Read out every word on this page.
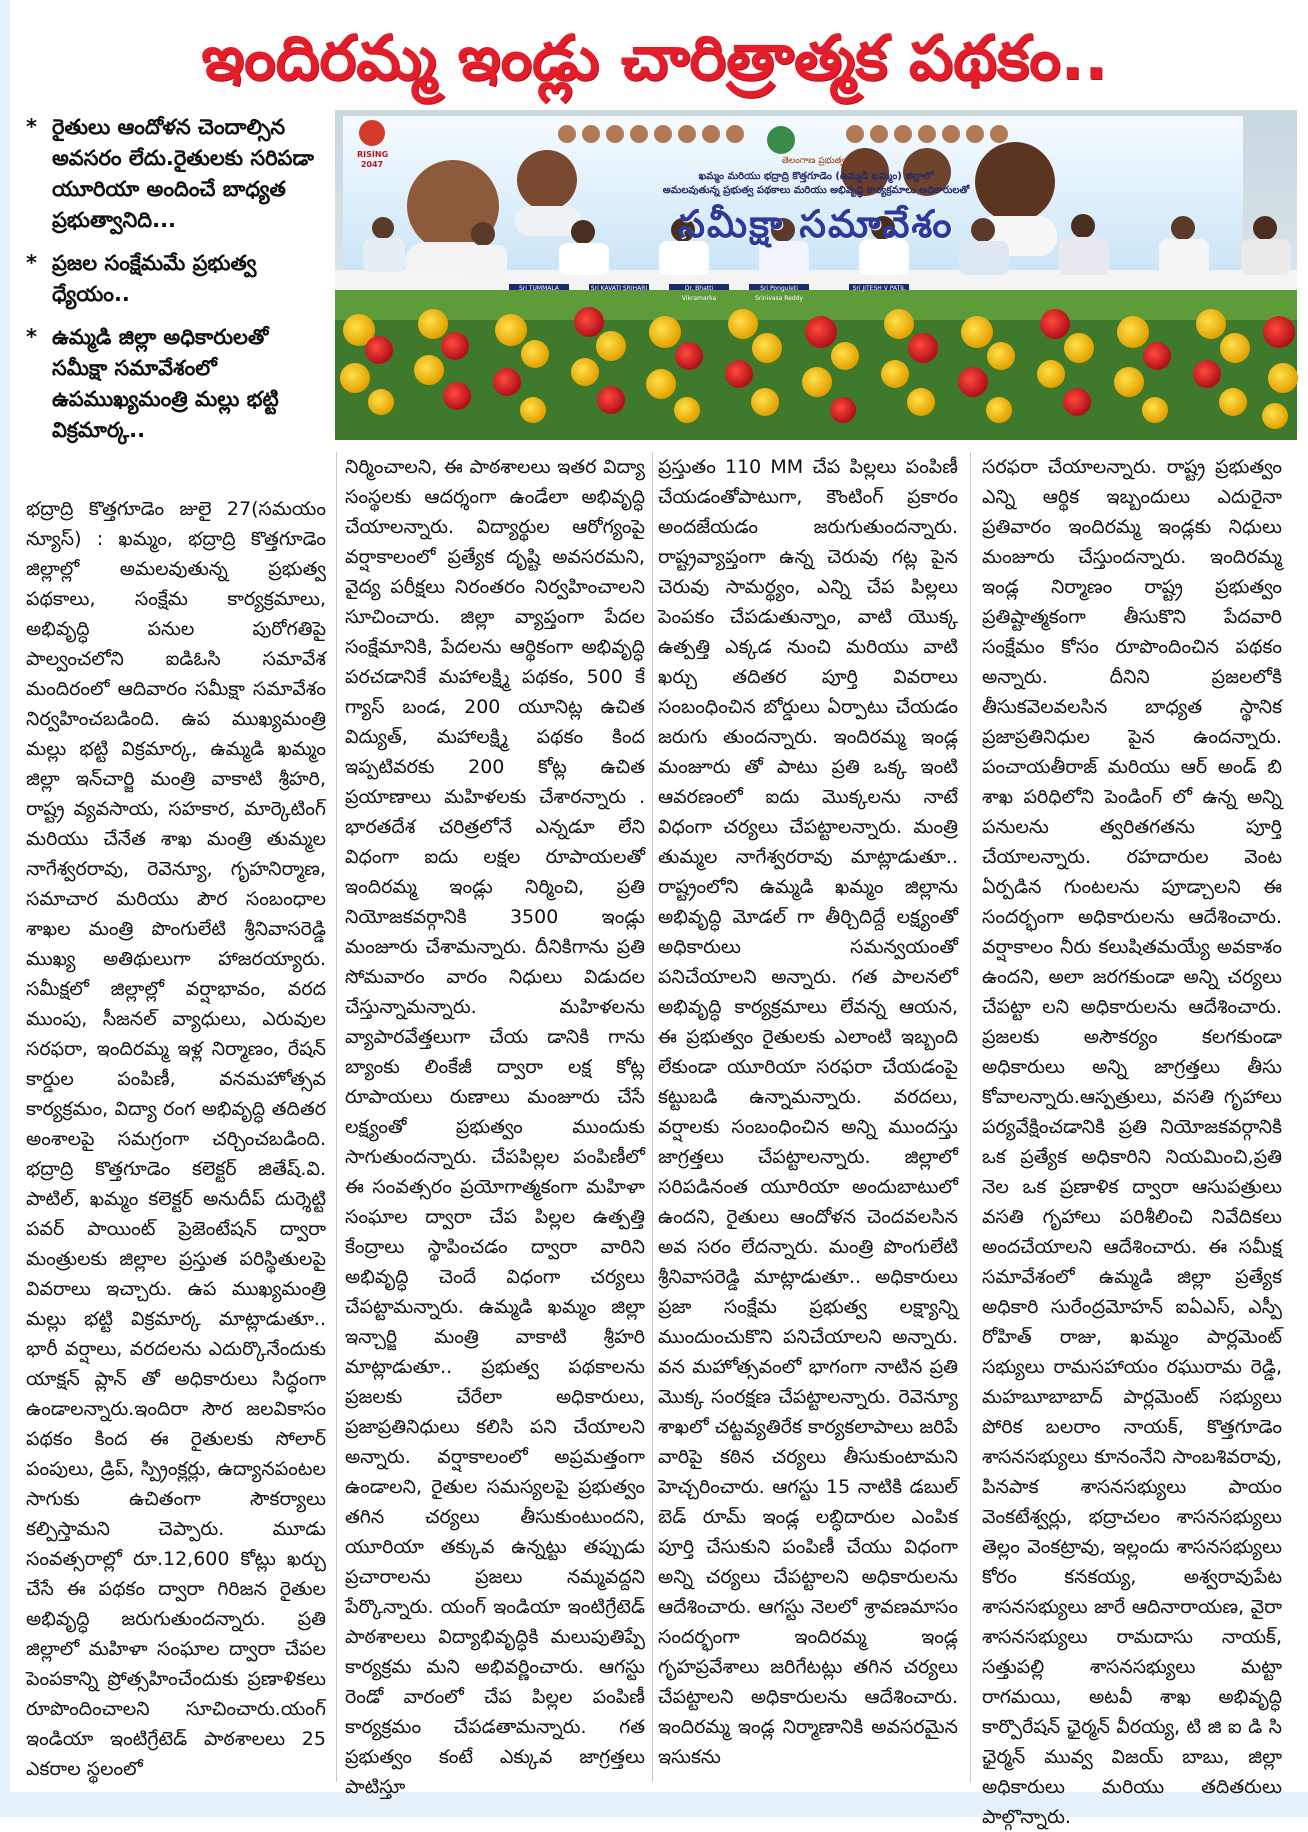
ఇందిరమ్మ ఇండ్లు చారిత్రాత్మక పథకం..
* రైతులు ఆందోళన చెందాల్సిన అవసరం లేదు.రైతులకు సరిపడా యూరియా అందించే బాధ్యత ప్రభుత్వానిది...
* ప్రజల సంక్షేమమే ప్రభుత్వ ధ్యేయం..
* ఉమ్మడి జిల్లా అధికారులతో సమీక్షా సమావేశంలో ఉపముఖ్యమంత్రి మల్లు భట్టి విక్రమార్క..
RISING 2047	తెలంగాణ ప్రభుత్వం
ఖమ్మం మరియు భద్రాద్రి కొత్తగూడెం (ఉమ్మడి ఖమ్మం) జిల్లాలో
అమలవుతున్న ప్రభుత్వ పథకాలు మరియు అభివృద్ధి కార్యక్రమాలు అధికారులతో
సమీక్షా సమావేశం
Sri TUMMALA	Sri KAVATI SRIHARI	Dr. Bhatti Vikramarka
Sri Ponguleti Srinivasa Reddy
Sri JITESH V PATIL

భద్రాద్రి కొత్తగూడెం జులై 27(సమయం న్యూస్) : ఖమ్మం, భద్రాద్రి కొత్తగూడెం జిల్లాల్లో అమలవుతున్న ప్రభుత్వ పథకాలు, సంక్షేమ కార్యక్రమాలు, అభివృద్ధి పనుల పురోగతిపై పాల్వంచలోని ఐడిఓసి సమావేశ మందిరంలో ఆదివారం సమీక్షా సమావేశం నిర్వహించబడింది. ఉప ముఖ్యమంత్రి మల్లు భట్టి విక్రమార్క, ఉమ్మడి ఖమ్మం జిల్లా ఇన్‌చార్జి మంత్రి వాకాటి శ్రీహరి, రాష్ట్ర వ్యవసాయ, సహకార, మార్కెటింగ్ మరియు చేనేత శాఖ మంత్రి తుమ్మల నాగేశ్వరరావు, రెవెన్యూ, గృహనిర్మాణ, సమాచార మరియు పౌర సంబంధాల శాఖల మంత్రి పొంగులేటి శ్రీనివాసరెడ్డి ముఖ్య అతిథులుగా హాజరయ్యారు. సమీక్షలో జిల్లాల్లో వర్షాభావం, వరద ముంపు, సీజనల్ వ్యాధులు, ఎరువుల సరఫరా, ఇందిరమ్మ ఇళ్ల నిర్మాణం, రేషన్ కార్డుల పంపిణీ, వనమహోత్సవ కార్యక్రమం, విద్యా రంగ అభివృద్ధి తదితర అంశాలపై సమగ్రంగా చర్చించబడింది. భద్రాద్రి కొత్తగూడెం కలెక్టర్ జితేష్.వి. పాటిల్, ఖమ్మం కలెక్టర్ అనుదీప్ దుర్శెట్టి పవర్ పాయింట్ ప్రెజెంటేషన్ ద్వారా మంత్రులకు జిల్లాల ప్రస్తుత పరిస్థితులపై వివరాలు ఇచ్చారు. ఉప ముఖ్యమంత్రి మల్లు భట్టి విక్రమార్క మాట్లాడుతూ.. భారీ వర్షాలు, వరదలను ఎదుర్కొనేందుకు యాక్షన్ ప్లాన్ తో అధికారులు సిద్ధంగా ఉండాలన్నారు.ఇందిరా సౌర జలవికాసం పథకం కింద ఈ రైతులకు సోలార్ పంపులు, డ్రిప్, స్ప్రింక్లర్లు, ఉద్యానపంటల సాగుకు ఉచితంగా సౌకర్యాలు కల్పిస్తామని చెప్పారు. మూడు సంవత్సరాల్లో రూ.12,600 కోట్లు ఖర్చు చేసే ఈ పథకం ద్వారా గిరిజన రైతుల అభివృద్ధి జరుగుతుందన్నారు. ప్రతి జిల్లాలో మహిళా సంఘాల ద్వారా చేపల పెంపకాన్ని ప్రోత్సహించేందుకు ప్రణాళికలు రూపొందించాలని సూచించారు.యంగ్ ఇండియా ఇంటిగ్రేటెడ్ పాఠశాలలు 25 ఎకరాల స్థలంలో

నిర్మించాలని, ఈ పాఠశాలలు ఇతర విద్యా సంస్థలకు ఆదర్శంగా ఉండేలా అభివృద్ధి చేయాలన్నారు. విద్యార్థుల ఆరోగ్యంపై వర్షాకాలంలో ప్రత్యేక దృష్టి అవసరమని, వైద్య పరీక్షలు నిరంతరం నిర్వహించాలని సూచించారు. జిల్లా వ్యాప్తంగా పేదల సంక్షేమానికి, పేదలను ఆర్థికంగా అభివృద్ధి పరచడానికే మహాలక్ష్మి పథకం, 500 కే గ్యాస్ బండ, 200 యూనిట్ల ఉచిత విద్యుత్, మహాలక్ష్మి పథకం కింద ఇప్పటివరకు 200 కోట్ల ఉచిత ప్రయాణాలు మహిళలకు చేశారన్నారు . భారతదేశ చరిత్రలోనే ఎన్నడూ లేని విధంగా ఐదు లక్షల రూపాయలతో ఇందిరమ్మ ఇండ్లు నిర్మించి, ప్రతి నియోజకవర్గానికి 3500 ఇండ్లు మంజూరు చేశామన్నారు. దీనికిగాను ప్రతి సోమవారం వారం నిధులు విడుదల చేస్తున్నామన్నారు. మహిళలను వ్యాపారవేత్తలుగా చేయ డానికి గాను బ్యాంకు లింకేజీ ద్వారా లక్ష కోట్ల రూపాయలు రుణాలు మంజూరు చేసే లక్ష్యంతో ప్రభుత్వం ముందుకు సాగుతుందన్నారు. చేపపిల్లల పంపిణీలో ఈ సంవత్సరం ప్రయోగాత్మకంగా మహిళా సంఘాల ద్వారా చేప పిల్లల ఉత్పత్తి కేంద్రాలు స్థాపించడం ద్వారా వారిని అభివృద్ధి చెందే విధంగా చర్యలు చేపట్టామన్నారు. ఉమ్మడి ఖమ్మం జిల్లా ఇన్చార్జి మంత్రి వాకాటి శ్రీహరి మాట్లాడుతూ.. ప్రభుత్వ పథకాలను ప్రజలకు చేరేలా అధికారులు, ప్రజాప్రతినిధులు కలిసి పని చేయాలని అన్నారు. వర్షాకాలంలో అప్రమత్తంగా ఉండాలని, రైతుల సమస్యలపై ప్రభుత్వం తగిన చర్యలు తీసుకుంటుందని, యూరియా తక్కువ ఉన్నట్టు తప్పుడు ప్రచారాలను ప్రజలు నమ్మవద్దని పేర్కొన్నారు. యంగ్ ఇండియా ఇంటిగ్రేటెడ్ పాఠశాలలు విద్యాభివృద్ధికి మలుపుతిప్పే కార్యక్రమ మని అభివర్ణించారు. ఆగస్టు రెండో వారంలో చేప పిల్లల పంపిణీ కార్యక్రమం చేపడతామన్నారు. గత ప్రభుత్వం కంటే ఎక్కువ జాగ్రత్తలు పాటిస్తూ

ప్రస్తుతం 110 MM చేప పిల్లలు పంపిణీ చేయడంతోపాటుగా, కౌంటింగ్ ప్రకారం అందజేయడం జరుగుతుందన్నారు. రాష్ట్రవ్యాప్తంగా ఉన్న చెరువు గట్ల పైన చెరువు సామర్థ్యం, ఎన్ని చేప పిల్లలు పెంపకం చేపడుతున్నాం, వాటి యొక్క ఉత్పత్తి ఎక్కడ నుంచి మరియు వాటి ఖర్చు తదితర పూర్తి వివరాలు సంబంధించిన బోర్డులు ఏర్పాటు చేయడం జరుగు తుందన్నారు. ఇందిరమ్మ ఇండ్ల మంజూరు తో పాటు ప్రతి ఒక్క ఇంటి ఆవరణంలో ఐదు మొక్కలను నాటే విధంగా చర్యలు చేపట్టాలన్నారు. మంత్రి తుమ్మల నాగేశ్వరరావు మాట్లాడుతూ.. రాష్ట్రంలోని ఉమ్మడి ఖమ్మం జిల్లాను అభివృద్ధి మోడల్ గా తీర్చిదిద్దే లక్ష్యంతో అధికారులు సమన్వయంతో పనిచేయాలని అన్నారు. గత పాలనలో అభివృద్ధి కార్యక్రమాలు లేవన్న ఆయన, ఈ ప్రభుత్వం రైతులకు ఎలాంటి ఇబ్బంది లేకుండా యూరియా సరఫరా చేయడంపై కట్టుబడి ఉన్నామన్నారు. వరదలు, వర్షాలకు సంబంధించిన అన్ని ముందస్తు జాగ్రత్తలు చేపట్టాలన్నారు. జిల్లాలో సరిపడినంత యూరియా అందుబాటులో ఉందని, రైతులు ఆందోళన చెందవలసిన అవ సరం లేదన్నారు. మంత్రి పొంగులేటి శ్రీనివాసరెడ్డి మాట్లాడుతూ.. అధికారులు ప్రజా సంక్షేమ ప్రభుత్వ లక్ష్యాన్ని ముందుంచుకొని పనిచేయాలని అన్నారు. వన మహోత్సవంలో భాగంగా నాటిన ప్రతి మొక్క సంరక్షణ చేపట్టాలన్నారు. రెవెన్యూ శాఖలో చట్టవ్యతిరేక కార్యకలాపాలు జరిపే వారిపై కఠిన చర్యలు తీసుకుంటామని హెచ్చరించారు. ఆగస్టు 15 నాటికి డబుల్ బెడ్ రూమ్ ఇండ్ల లబ్ధిదారుల ఎంపిక పూర్తి చేసుకుని పంపిణీ చేయు విధంగా అన్ని చర్యలు చేపట్టాలని అధికారులను ఆదేశించారు. ఆగస్టు నెలలో శ్రావణమాసం సందర్భంగా ఇందిరమ్మ ఇండ్ల గృహప్రవేశాలు జరిగేటట్లు తగిన చర్యలు చేపట్టాలని అధికారులను ఆదేశించారు. ఇందిరమ్మ ఇండ్ల నిర్మాణానికి అవసరమైన ఇసుకను

సరఫరా చేయాలన్నారు. రాష్ట్ర ప్రభుత్వం ఎన్ని ఆర్థిక ఇబ్బందులు ఎదురైనా ప్రతివారం ఇందిరమ్మ ఇండ్లకు నిధులు మంజూరు చేస్తుందన్నారు. ఇందిరమ్మ ఇండ్ల నిర్మాణం రాష్ట్ర ప్రభుత్వం ప్రతిష్టాత్మకంగా తీసుకొని పేదవారి సంక్షేమం కోసం రూపొందించిన పథకం అన్నారు. దీనిని ప్రజలలోకి తీసుకవెలవలసిన బాధ్యత స్థానిక ప్రజాప్రతినిధుల పైన ఉందన్నారు. పంచాయతీరాజ్ మరియు ఆర్ అండ్ బి శాఖ పరిధిలోని పెండింగ్ లో ఉన్న అన్ని పనులను త్వరితగతను పూర్తి చేయాలన్నారు. రహదారుల వెంట ఏర్పడిన గుంటలను పూడ్చాలని ఈ సందర్భంగా అధికారులను ఆదేశించారు. వర్షాకాలం నీరు కలుషితమయ్యే అవకాశం ఉందని, అలా జరగకుండా అన్ని చర్యలు చేపట్టా లని అధికారులను ఆదేశించారు. ప్రజలకు అసౌకర్యం కలగకుండా అధికారులు అన్ని జాగ్రత్తలు తీసు కోవాలన్నారు.ఆస్పత్రులు, వసతి గృహాలు పర్యవేక్షించడానికి ప్రతి నియోజకవర్గానికి ఒక ప్రత్యేక అధికారిని నియమించి,ప్రతి నెల ఒక ప్రణాళిక ద్వారా ఆసుపత్రులు వసతి గృహాలు పరిశీలించి నివేదికలు అందచేయాలని ఆదేశించారు. ఈ సమీక్ష సమావేశంలో ఉమ్మడి జిల్లా ప్రత్యేక అధికారి సురేంద్రమోహన్ ఐఏఎస్, ఎస్పీ రోహిత్ రాజు, ఖమ్మం పార్లమెంట్ సభ్యులు రామసహాయం రఘురామ రెడ్డి, మహబూబాబాద్ పార్లమెంట్ సభ్యులు పోరిక బలరాం నాయక్, కొత్తగూడెం శాసనసభ్యులు కూనంనేని సాంబశివరావు, పినపాక శాసనసభ్యులు పాయం వెంకటేశ్వర్లు, భద్రాచలం శాసనసభ్యులు తెల్లం వెంకట్రావు, ఇల్లందు శాసనసభ్యులు కోరం కనకయ్య, అశ్వరావుపేట శాసనసభ్యులు జారే ఆదినారాయణ, వైరా శాసనసభ్యులు రామదాసు నాయక్, సత్తుపల్లి శాసనసభ్యులు మట్టా రాగమయి, అటవీ శాఖ అభివృద్ధి కార్పొరేషన్ ఛైర్మన్ వీరయ్య, టి జి ఐ డి సి ఛైర్మన్ మువ్వ విజయ్ బాబు, జిల్లా అధికారులు మరియు తదితరులు పాల్గొన్నారు.
